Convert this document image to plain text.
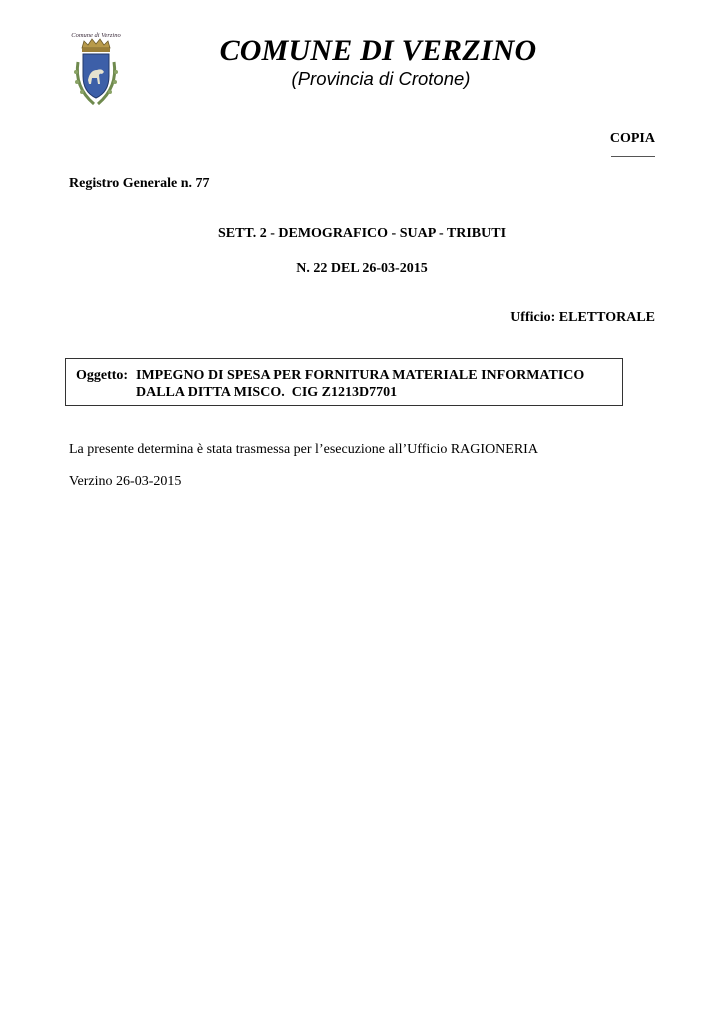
Comune di Verzino	COMUNE DI VERZINO
(Provincia di Crotone)
COPIA
Registro Generale n. 77
SETT. 2 - DEMOGRAFICO - SUAP - TRIBUTI
N. 22 DEL 26-03-2015
Ufficio: ELETTORALE
Oggetto: IMPEGNO DI SPESA PER FORNITURA MATERIALE INFORMATICO
DALLA DITTA MISCO.  CIG Z1213D7701
La presente determina è stata trasmessa per l’esecuzione all’Ufficio RAGIONERIA
Verzino 26-03-2015
